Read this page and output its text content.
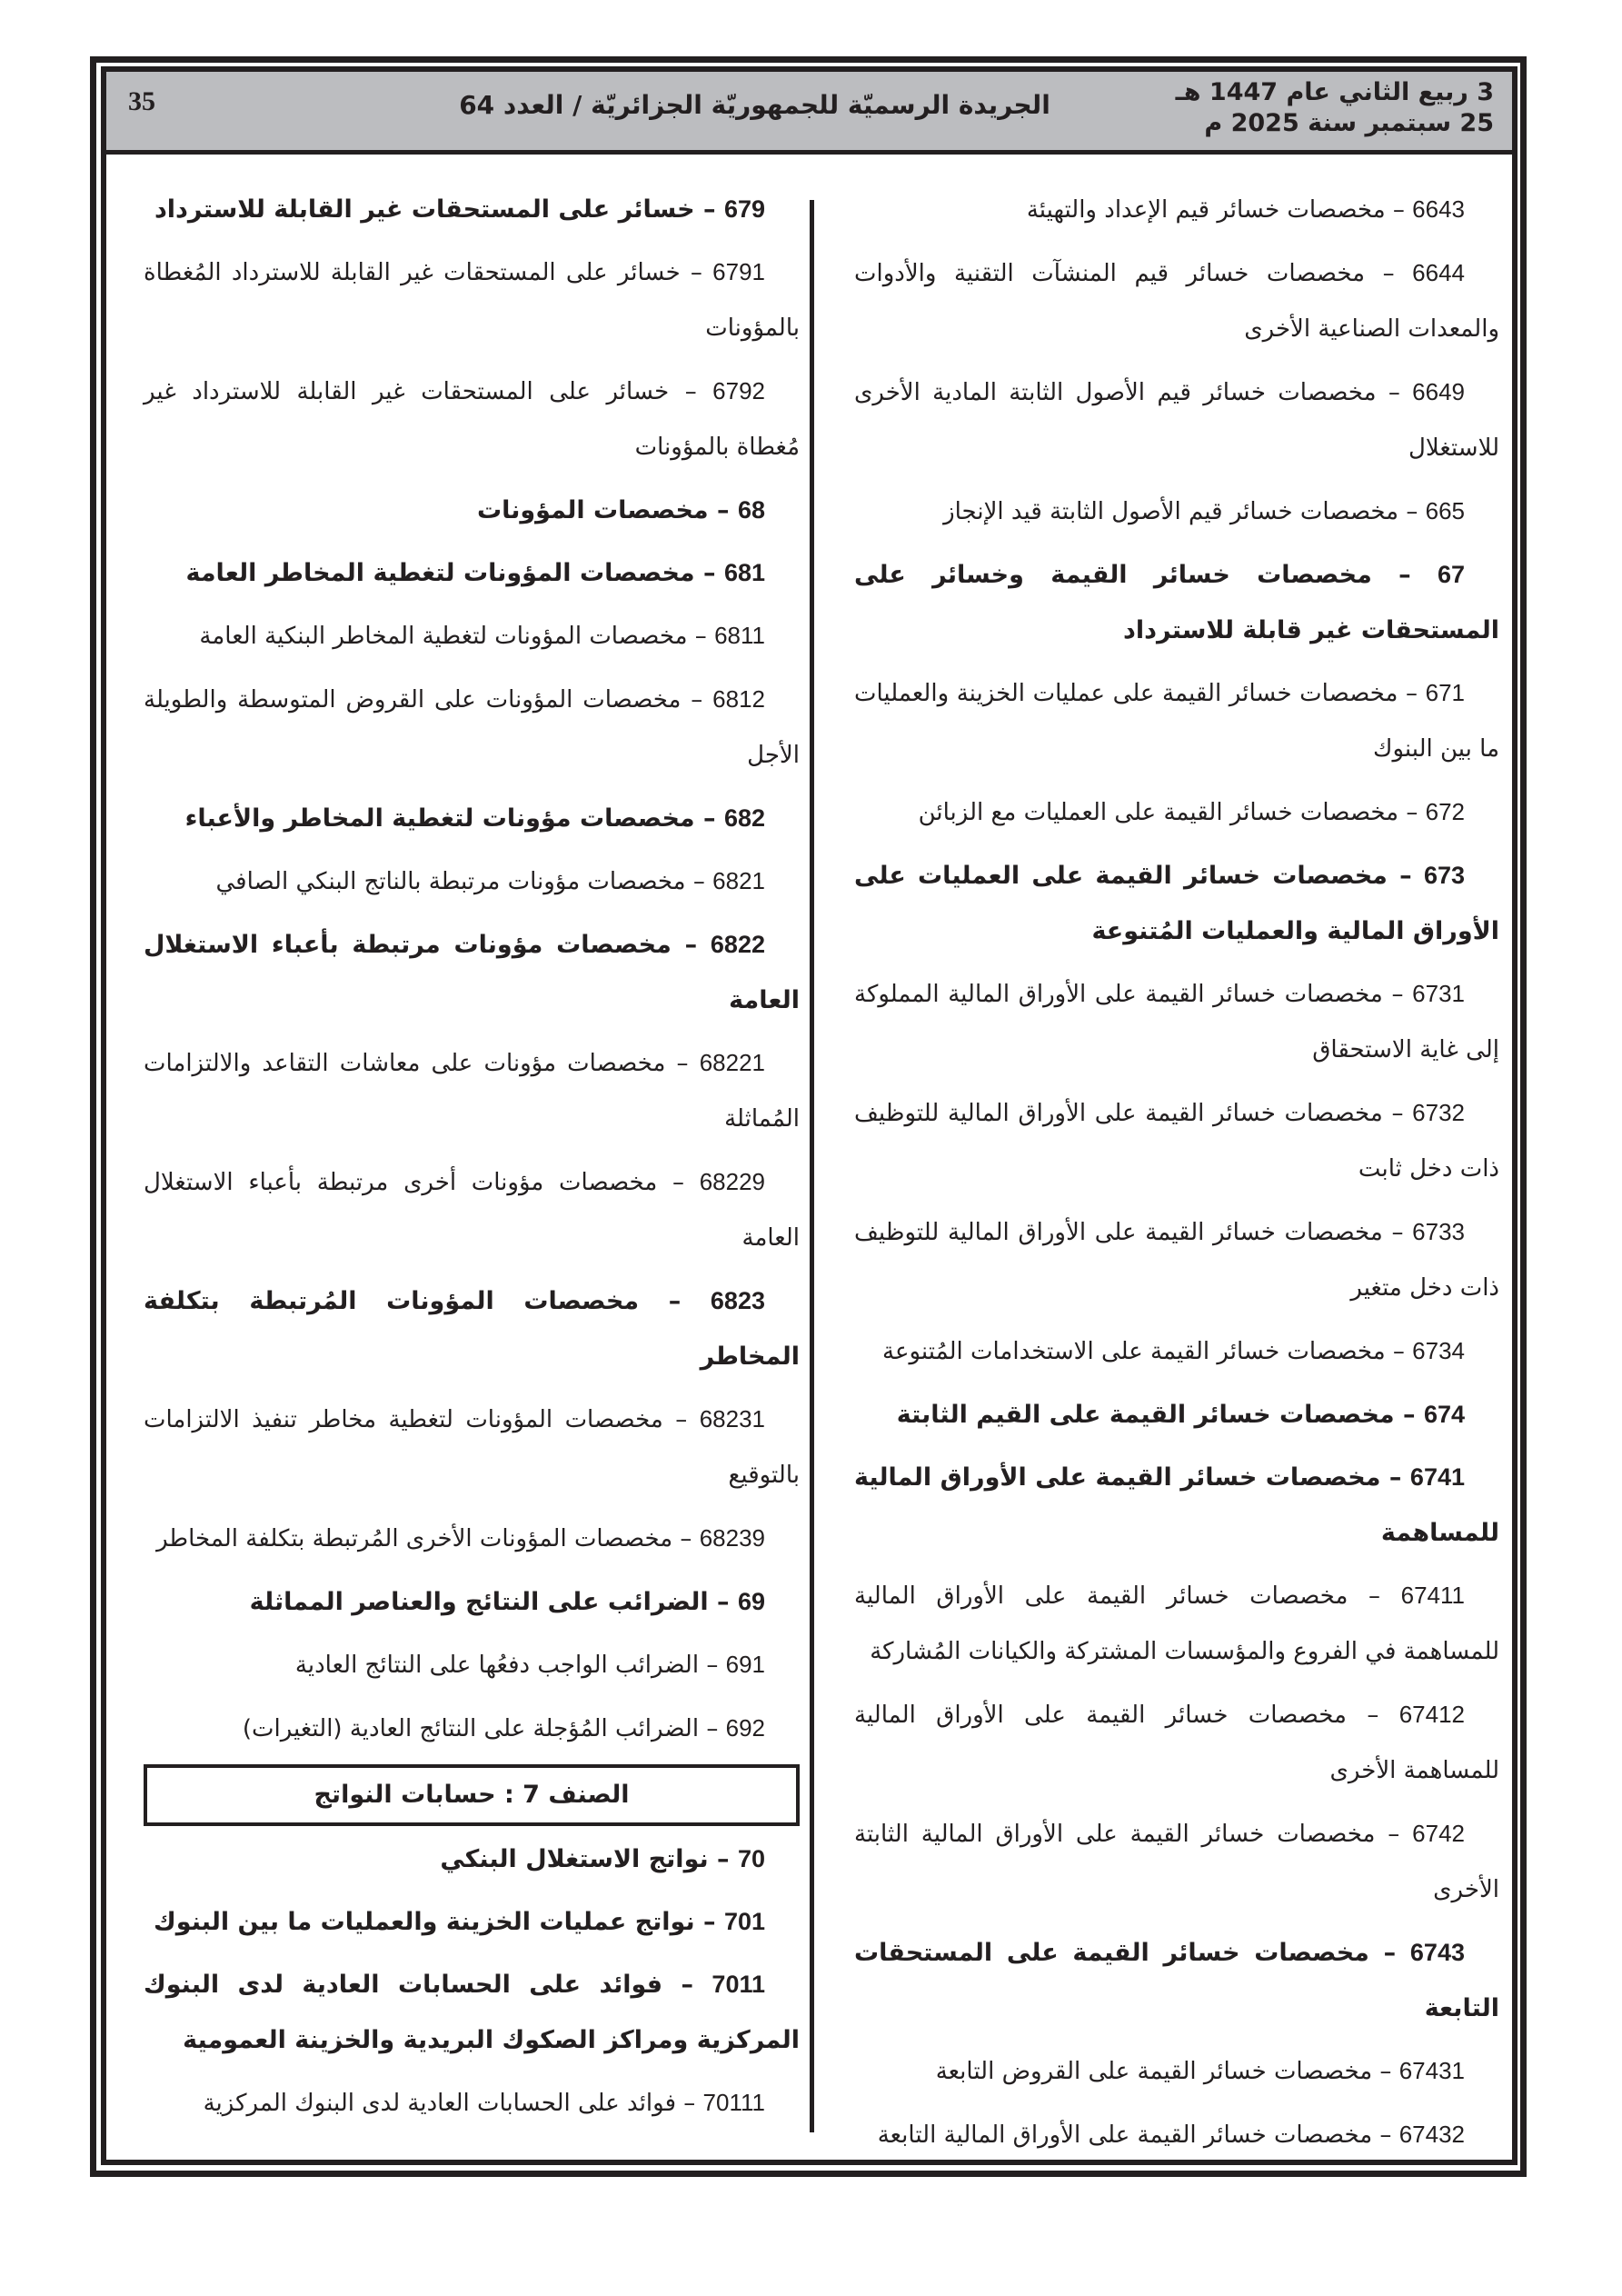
3 ربيع الثاني عام 1447 هـ
25 سبتمبر سنة 2025 م
الجريدة الرسميّة للجمهوريّة الجزائريّة / العدد 64
35

6643 – مخصصات خسائر قيم الإعداد والتهيئة

6644 – مخصصات خسائر قيم المنشآت التقنية والأدوات والمعدات الصناعية الأخرى

6649 – مخصصات خسائر قيم الأصول الثابتة المادية الأخرى للاستغلال

665 – مخصصات خسائر قيم الأصول الثابتة قيد الإنجاز

67 – مخصصات خسائر القيمة وخسائر على المستحقات غير قابلة للاسترداد

671 – مخصصات خسائر القيمة على عمليات الخزينة والعمليات ما بين البنوك

672 – مخصصات خسائر القيمة على العمليات مع الزبائن

673 – مخصصات خسائر القيمة على العمليات على الأوراق المالية والعمليات المُتنوعة

6731 – مخصصات خسائر القيمة على الأوراق المالية المملوكة إلى غاية الاستحقاق

6732 – مخصصات خسائر القيمة على الأوراق المالية للتوظيف ذات دخل ثابت

6733 – مخصصات خسائر القيمة على الأوراق المالية للتوظيف ذات دخل متغير

6734 – مخصصات خسائر القيمة على الاستخدامات المُتنوعة

674 – مخصصات خسائر القيمة على القيم الثابتة

6741 – مخصصات خسائر القيمة على الأوراق المالية للمساهمة

67411 – مخصصات خسائر القيمة على الأوراق المالية للمساهمة في الفروع والمؤسسات المشتركة والكيانات المُشاركة

67412 – مخصصات خسائر القيمة على الأوراق المالية للمساهمة الأخرى

6742 – مخصصات خسائر القيمة على الأوراق المالية الثابتة الأخرى

6743 – مخصصات خسائر القيمة على المستحقات التابعة

67431 – مخصصات خسائر القيمة على القروض التابعة

67432 – مخصصات خسائر القيمة على الأوراق المالية التابعة

679 – خسائر على المستحقات غير القابلة للاسترداد

6791 – خسائر على المستحقات غير القابلة للاسترداد المُغطاة بالمؤونات

6792 – خسائر على المستحقات غير القابلة للاسترداد غير مُغطاة بالمؤونات

68 – مخصصات المؤونات

681 – مخصصات المؤونات لتغطية المخاطر العامة

6811 – مخصصات المؤونات لتغطية المخاطر البنكية العامة

6812 – مخصصات المؤونات على القروض المتوسطة والطويلة الأجل

682 – مخصصات مؤونات لتغطية المخاطر والأعباء

6821 – مخصصات مؤونات مرتبطة بالناتج البنكي الصافي

6822 – مخصصات مؤونات مرتبطة بأعباء الاستغلال العامة

68221 – مخصصات مؤونات على معاشات التقاعد والالتزامات المُماثلة

68229 – مخصصات مؤونات أخرى مرتبطة بأعباء الاستغلال العامة

6823 – مخصصات المؤونات المُرتبطة بتكلفة المخاطر

68231 – مخصصات المؤونات لتغطية مخاطر تنفيذ الالتزامات بالتوقيع

68239 – مخصصات المؤونات الأخرى المُرتبطة بتكلفة المخاطر

69 – الضرائب على النتائج والعناصر المماثلة

691 – الضرائب الواجب دفعُها على النتائج العادية

692 – الضرائب المُؤجلة على النتائج العادية (التغيرات)

الصنف 7 : حسابات النواتج

70 – نواتج الاستغلال البنكي

701 – نواتج عمليات الخزينة والعمليات ما بين البنوك

7011 – فوائد على الحسابات العادية لدى البنوك المركزية ومراكز الصكوك البريدية والخزينة العمومية

70111 – فوائد على الحسابات العادية لدى البنوك المركزية
